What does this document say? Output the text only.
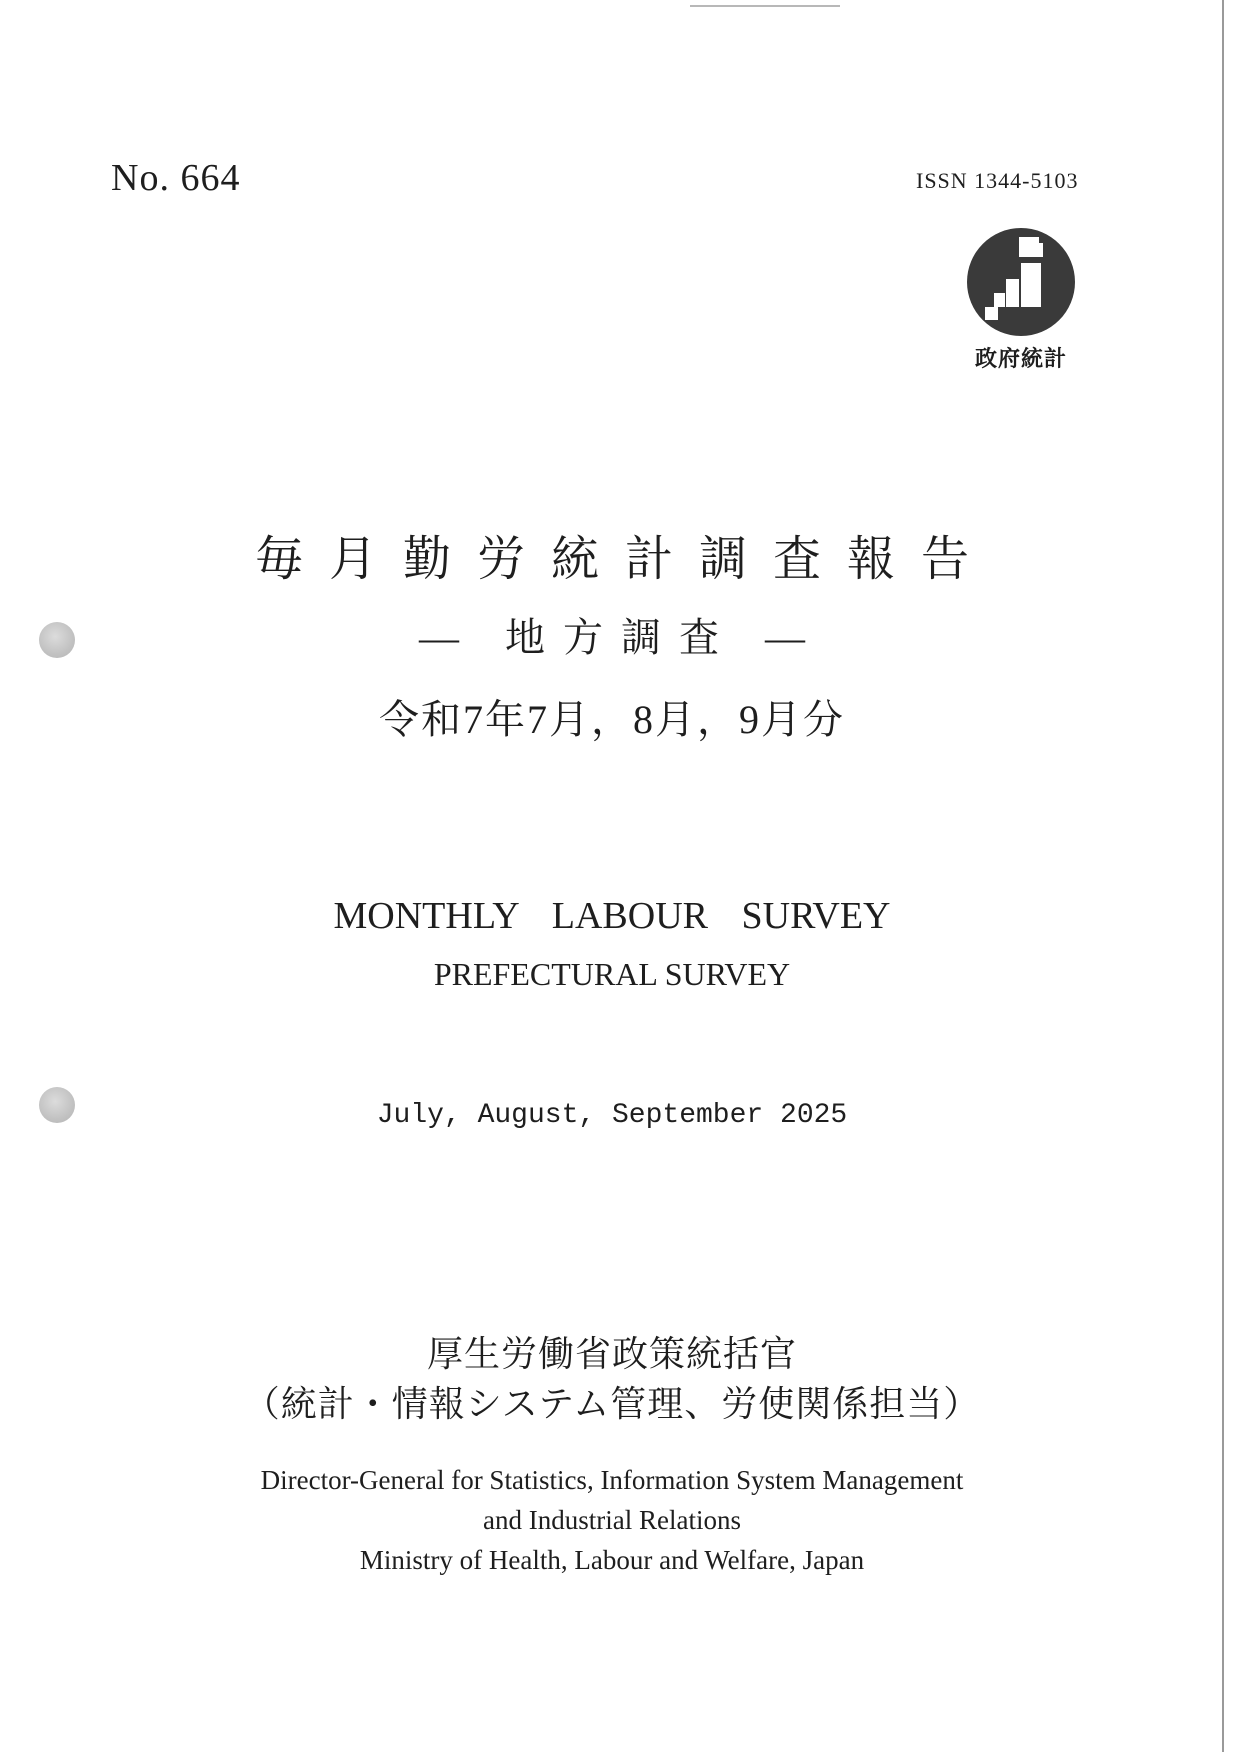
No. 664	ISSN 1344-5103
政府統計
毎月勤労統計調査報告
— 地方調査 —
令和7年7月，8月，9月分
MONTHLY LABOUR SURVEY
PREFECTURAL SURVEY
July, August, September 2025
厚生労働省政策統括官
（統計・情報システム管理、労使関係担当）
Director-General for Statistics, Information System Management
and Industrial Relations
Ministry of Health, Labour and Welfare, Japan
